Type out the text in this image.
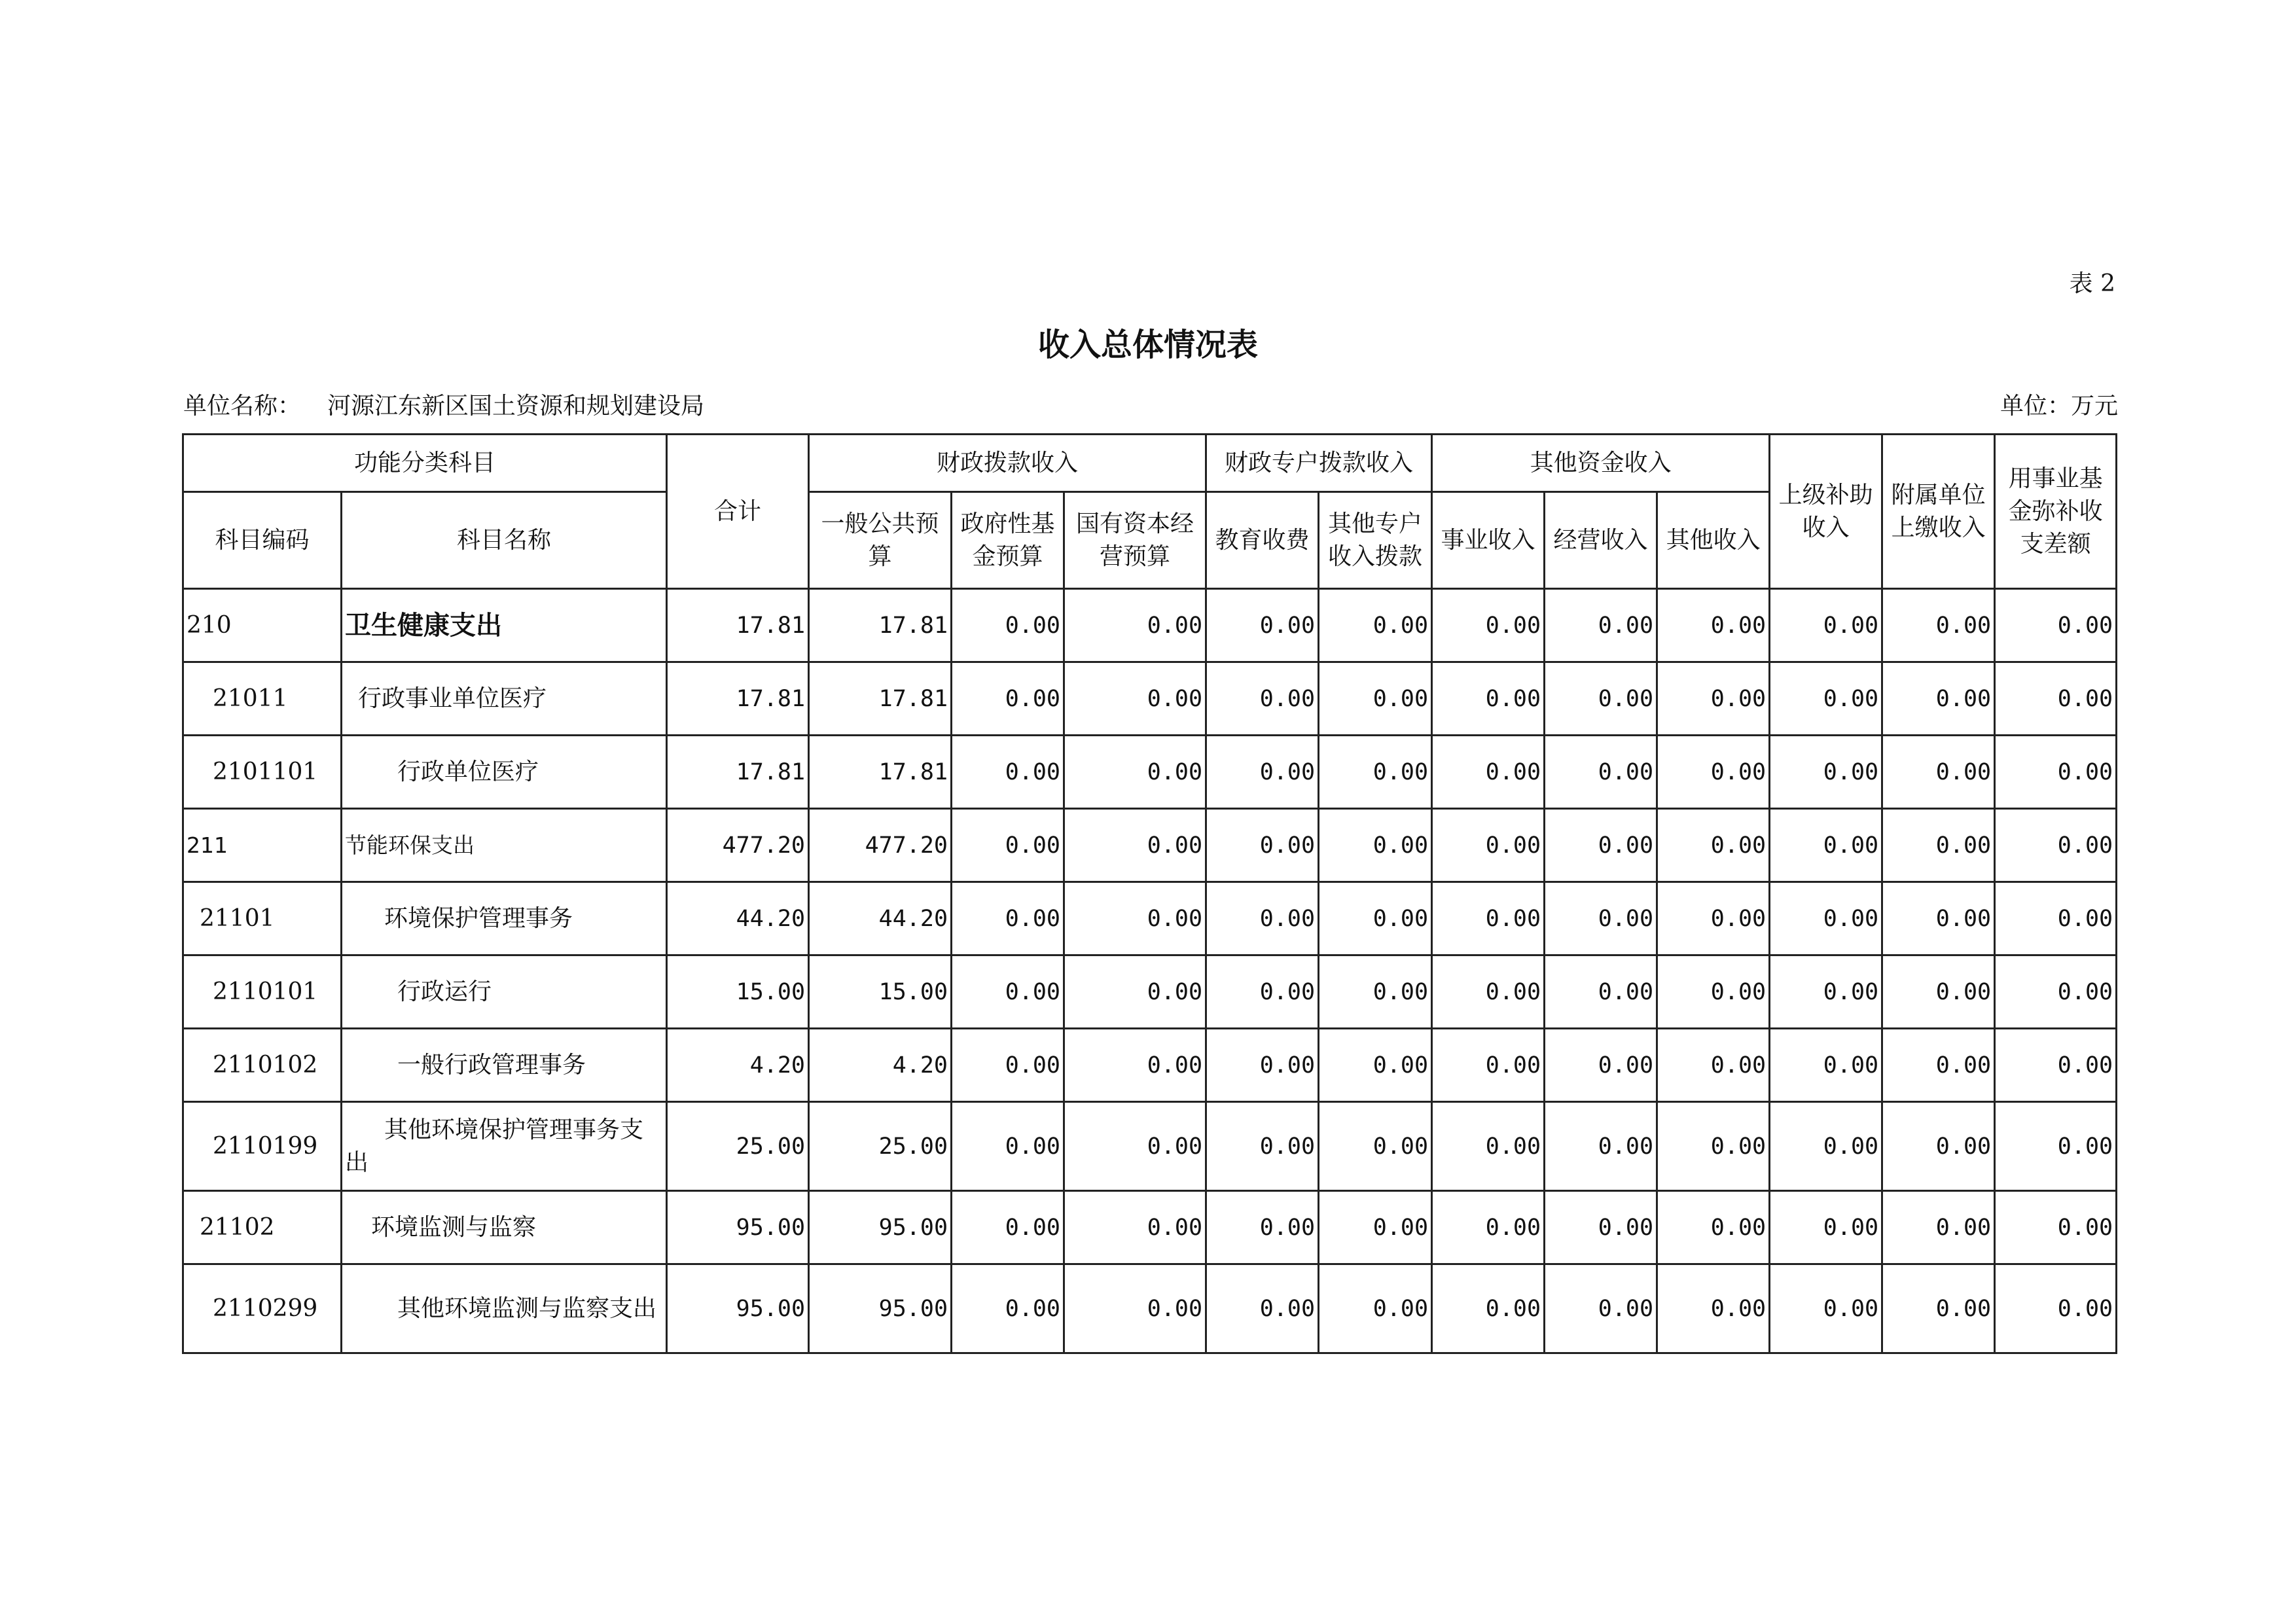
表 2
收入总体情况表
单位名称： 河源江东新区国土资源和规划建设局	单位：万元
功能分类科目		合计	财政拨款收入			财政专户拨款收入		其他资金收入			上级补助收入	附属单位上缴收入	用事业基金弥补收支差额
科目编码	科目名称		一般公共预算	政府性基金预算	国有资本经营预算	教育收费	其他专户收入拨款	事业收入	经营收入	其他收入			
210	卫生健康支出	17.81	17.81	0.00	0.00	0.00	0.00	0.00	0.00	0.00	0.00	0.00	0.00
21011	行政事业单位医疗	17.81	17.81	0.00	0.00	0.00	0.00	0.00	0.00	0.00	0.00	0.00	0.00
2101101	行政单位医疗	17.81	17.81	0.00	0.00	0.00	0.00	0.00	0.00	0.00	0.00	0.00	0.00
211	节能环保支出	477.20	477.20	0.00	0.00	0.00	0.00	0.00	0.00	0.00	0.00	0.00	0.00
21101	环境保护管理事务	44.20	44.20	0.00	0.00	0.00	0.00	0.00	0.00	0.00	0.00	0.00	0.00
2110101	行政运行	15.00	15.00	0.00	0.00	0.00	0.00	0.00	0.00	0.00	0.00	0.00	0.00
2110102	一般行政管理事务	4.20	4.20	0.00	0.00	0.00	0.00	0.00	0.00	0.00	0.00	0.00	0.00
2110199	其他环境保护管理事务支出	25.00	25.00	0.00	0.00	0.00	0.00	0.00	0.00	0.00	0.00	0.00	0.00
21102	环境监测与监察	95.00	95.00	0.00	0.00	0.00	0.00	0.00	0.00	0.00	0.00	0.00	0.00
2110299	其他环境监测与监察支出	95.00	95.00	0.00	0.00	0.00	0.00	0.00	0.00	0.00	0.00	0.00	0.00
